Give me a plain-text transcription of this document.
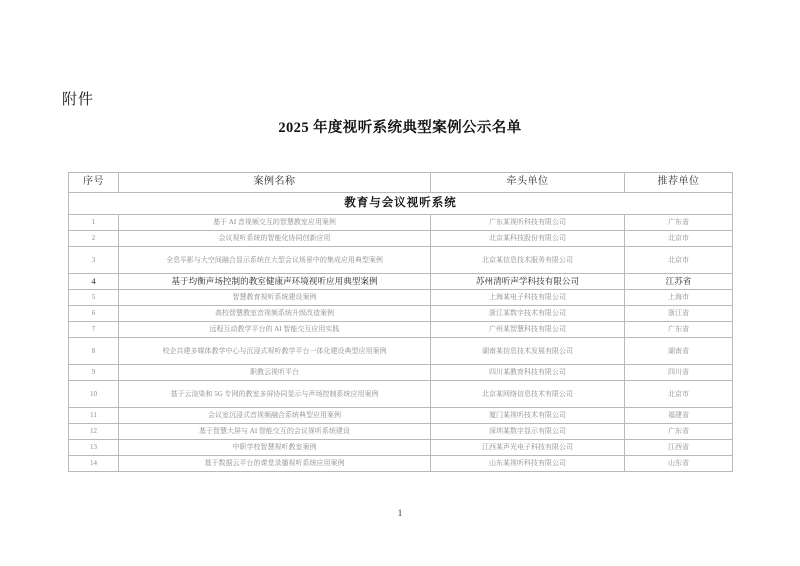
附件
2025 年度视听系统典型案例公示名单
序号	案例名称	牵头单位	推荐单位
教育与会议视听系统			
1	基于 AI 音视频交互的智慧教室应用案例	广东某视听科技有限公司	广东省
2	会议视听系统的智能化协同创新应用	北京某科技股份有限公司	北京市
3	全息투影与大空间融合显示系统在大型会议场景中的集成应用典型案例	北京某信息技术服务有限公司	北京市
4	基于均衡声场控制的教室健康声环境视听应用典型案例	苏州清听声学科技有限公司	江苏省
5	智慧教育视听系统建设案例	上海某电子科技有限公司	上海市
6	高校智慧教室音视频系统升级改造案例	浙江某数字技术有限公司	浙江省
7	远程互动教学平台的 AI 智能交互应用实践	广州某智慧科技有限公司	广东省
8	校企共建多媒体教学中心与沉浸式视听教学平台一体化建设典型应用案例	湖南某信息技术发展有限公司	湖南省
9	职教云视听平台	四川某教育科技有限公司	四川省
10	基于云渲染和 5G 专网的教室多屏协同显示与声场控制系统应用案例	北京某网络信息技术有限公司	北京市
11	会议室沉浸式音视频融合系统典型应用案例	厦门某视听技术有限公司	福建省
12	基于智慧大屏与 AI 智能交互的会议视听系统建设	深圳某数字显示有限公司	广东省
13	中职学校智慧视听教室案例	江西某声光电子科技有限公司	江西省
14	基于数据云平台的课堂录播视听系统应用案例	山东某视听科技有限公司	山东省
1
